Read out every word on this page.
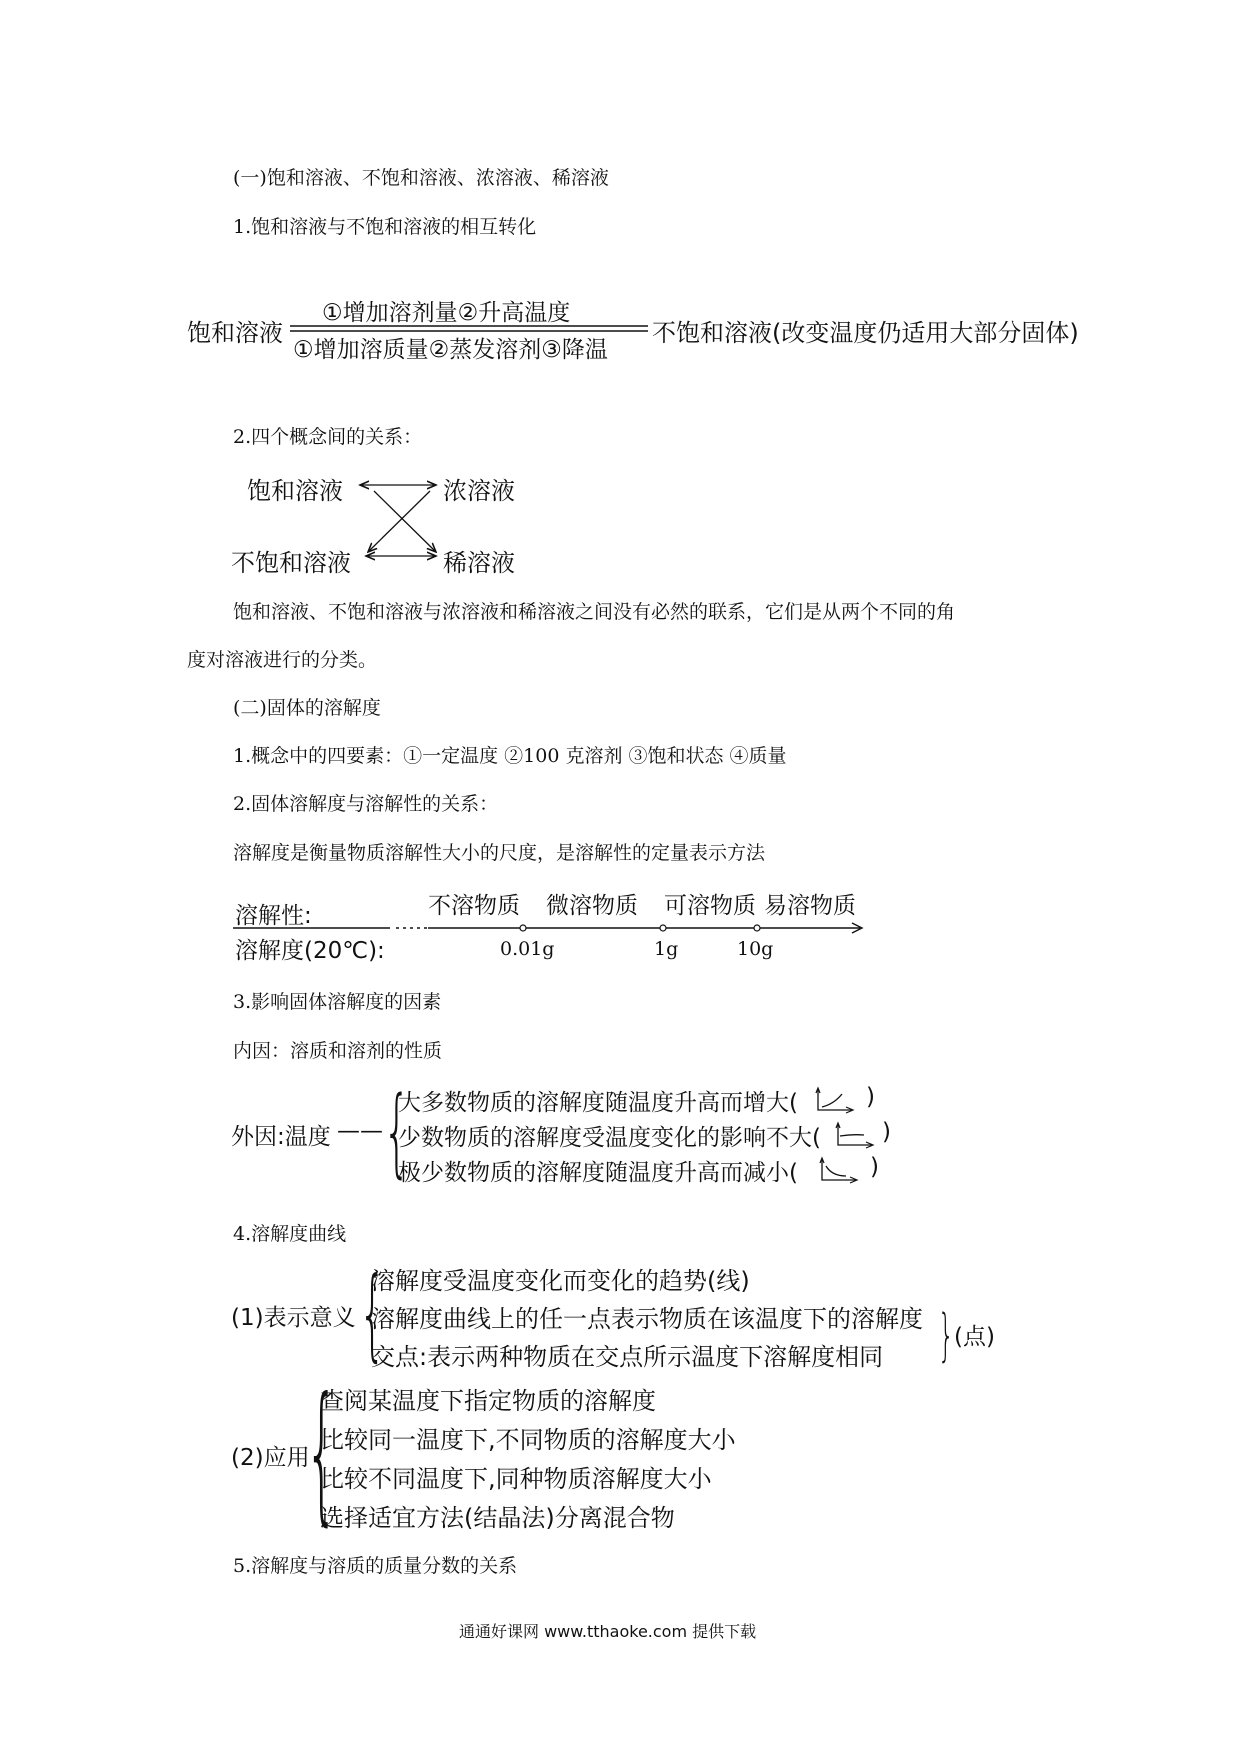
(一)饱和溶液、不饱和溶液、浓溶液、稀溶液
1.饱和溶液与不饱和溶液的相互转化
饱和溶液
①增加溶剂量②升高温度
①增加溶质量②蒸发溶剂③降温
不饱和溶液(改变温度仍适用大部分固体)
2.四个概念间的关系：
饱和溶液	浓溶液
不饱和溶液	稀溶液
饱和溶液、不饱和溶液与浓溶液和稀溶液之间没有必然的联系，它们是从两个不同的角
度对溶液进行的分类。
(二)固体的溶解度
1.概念中的四要素：①一定温度 ②100 克溶剂 ③饱和状态 ④质量
2.固体溶解度与溶解性的关系：
溶解度是衡量物质溶解性大小的尺度，是溶解性的定量表示方法
溶解性:
溶解度(20℃):
不溶物质 微溶物质 可溶物质 易溶物质
0.01g	1g	10g
3.影响固体溶解度的因素
内因：溶质和溶剂的性质
外因:温度 —— {
大多数物质的溶解度随温度升高而增大(
少数物质的溶解度受温度变化的影响不大(
极少数物质的溶解度随温度升高而减小(
)
)
)
4.溶解度曲线
(1)表示意义 {
溶解度受温度变化而变化的趋势(线)
溶解度曲线上的任一点表示物质在该温度下的溶解度
交点:表示两种物质在交点所示温度下溶解度相同 } (点)
(2)应用
{
查阅某温度下指定物质的溶解度
比较同一温度下,不同物质的溶解度大小
比较不同温度下,同种物质溶解度大小
选择适宜方法(结晶法)分离混合物
5.溶解度与溶质的质量分数的关系
通通好课网 www.tthaoke.com 提供下载
